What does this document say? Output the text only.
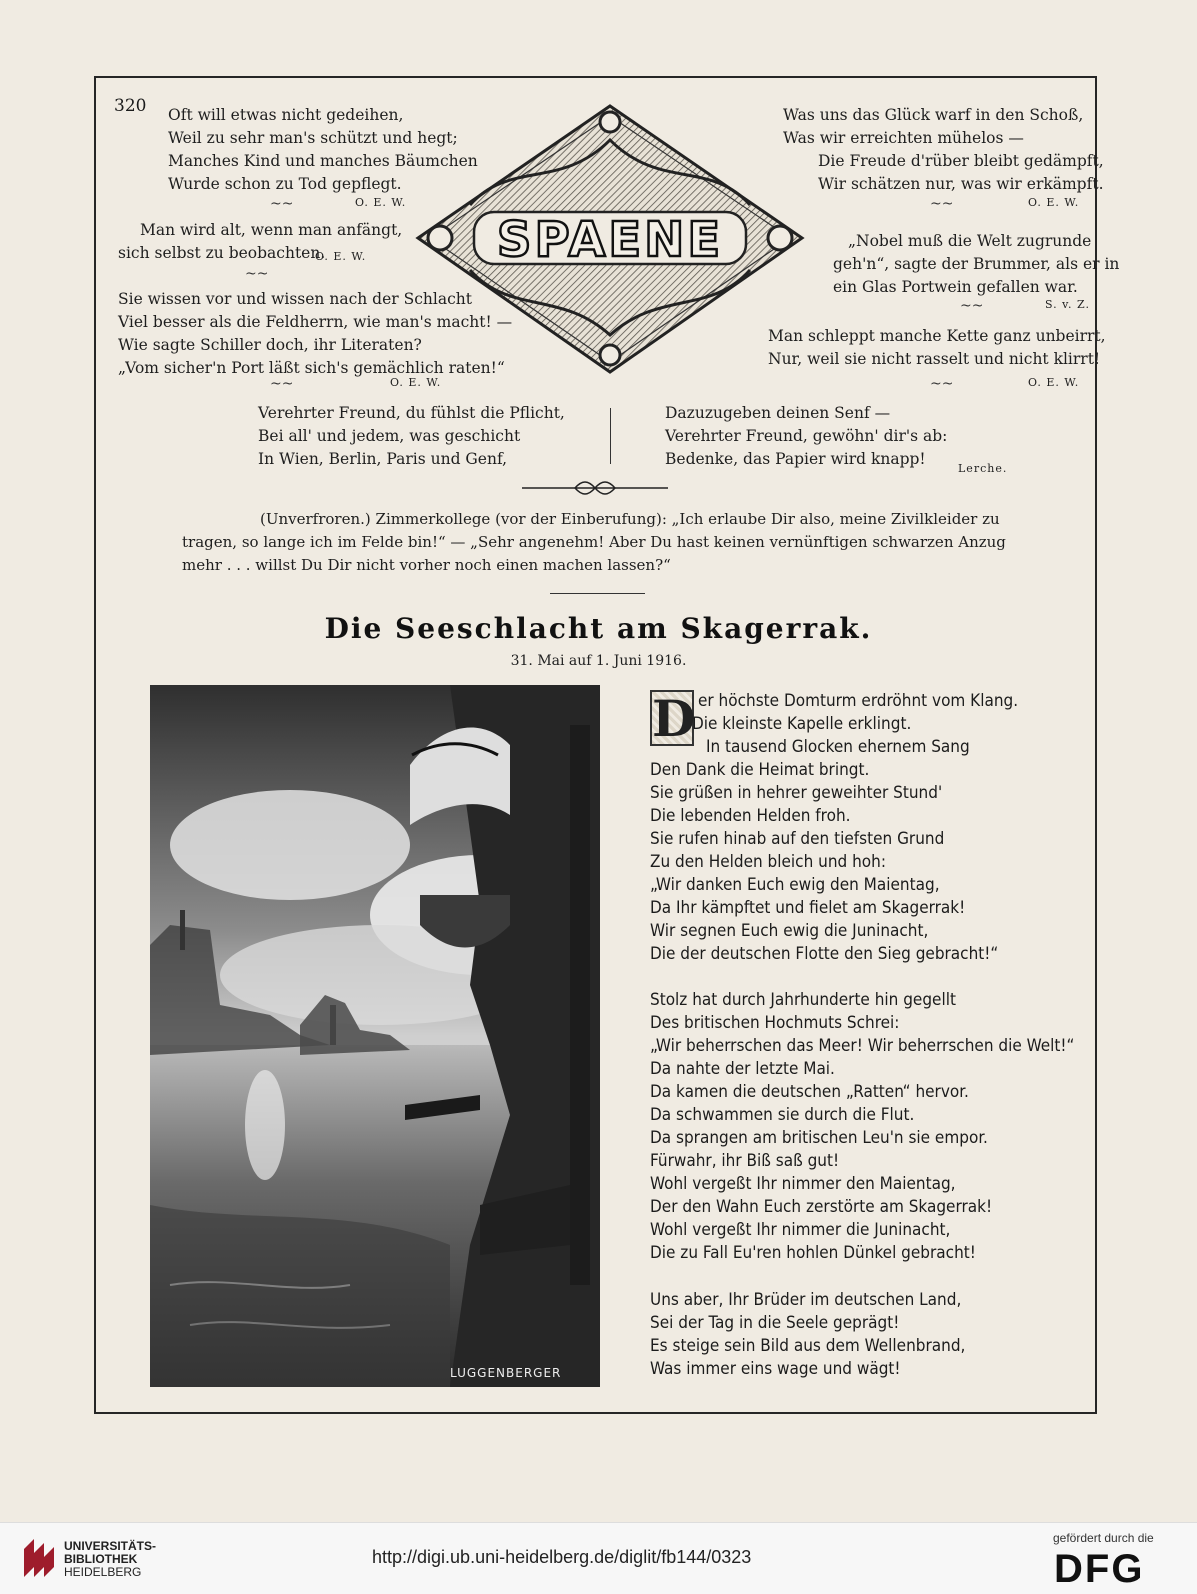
320
SPAENE
Oft will etwas nicht gedeihen,
Weil zu sehr man's schützt und hegt;
Manches Kind und manches Bäumchen
Wurde schon zu Tod gepflegt.
~~	O. E. W.
Man wird alt, wenn man anfängt,
sich selbst zu beobachten.
O. E. W.
~~
Sie wissen vor und wissen nach der Schlacht
Viel besser als die Feldherrn, wie man's macht! —
Wie sagte Schiller doch, ihr Literaten?
„Vom sicher'n Port läßt sich's gemächlich raten!“
~~	O. E. W.
Was uns das Glück warf in den Schoß,
Was wir erreichten mühelos —
Die Freude d'rüber bleibt gedämpft,
Wir schätzen nur, was wir erkämpft.
~~	O. E. W.
„Nobel muß die Welt zugrunde
geh'n“, sagte der Brummer, als er in
ein Glas Portwein gefallen war.
~~	S. v. Z.
Man schleppt manche Kette ganz unbeirrt,
Nur, weil sie nicht rasselt und nicht klirrt!
~~	O. E. W.
Verehrter Freund, du fühlst die Pflicht,
Bei all' und jedem, was geschicht
In Wien, Berlin, Paris und Genf,
Dazuzugeben deinen Senf —
Verehrter Freund, gewöhn' dir's ab:
Bedenke, das Papier wird knapp!
Lerche.
(Unverfroren.) Zimmerkollege (vor der Einberufung): „Ich erlaube Dir also, meine Zivilkleider zu
tragen, so lange ich im Felde bin!“ — „Sehr angenehm! Aber Du hast keinen vernünftigen schwarzen Anzug
mehr . . . willst Du Dir nicht vorher noch einen machen lassen?“
Die Seeschlacht am Skagerrak.
31. Mai auf 1. Juni 1916.
LUGGENBERGER
D er höchste Domturm erdröhnt vom Klang.
Die kleinste Kapelle erklingt.
In tausend Glocken ehernem Sang
Den Dank die Heimat bringt.
Sie grüßen in hehrer geweihter Stund'
Die lebenden Helden froh.
Sie rufen hinab auf den tiefsten Grund
Zu den Helden bleich und hoh:
„Wir danken Euch ewig den Maientag,
Da Ihr kämpftet und fielet am Skagerrak!
Wir segnen Euch ewig die Juninacht,
Die der deutschen Flotte den Sieg gebracht!“
Stolz hat durch Jahrhunderte hin gegellt
Des britischen Hochmuts Schrei:
„Wir beherrschen das Meer! Wir beherrschen die Welt!“
Da nahte der letzte Mai.
Da kamen die deutschen „Ratten“ hervor.
Da schwammen sie durch die Flut.
Da sprangen am britischen Leu'n sie empor.
Fürwahr, ihr Biß saß gut!
Wohl vergeßt Ihr nimmer den Maientag,
Der den Wahn Euch zerstörte am Skagerrak!
Wohl vergeßt Ihr nimmer die Juninacht,
Die zu Fall Eu'ren hohlen Dünkel gebracht!
Uns aber, Ihr Brüder im deutschen Land,
Sei der Tag in die Seele geprägt!
Es steige sein Bild aus dem Wellenbrand,
Was immer eins wage und wägt!
UNIVERSITÄTS-
BIBLIOTHEK
HEIDELBERG
http://digi.ub.uni-heidelberg.de/diglit/fb144/0323
gefördert durch die
DFG
